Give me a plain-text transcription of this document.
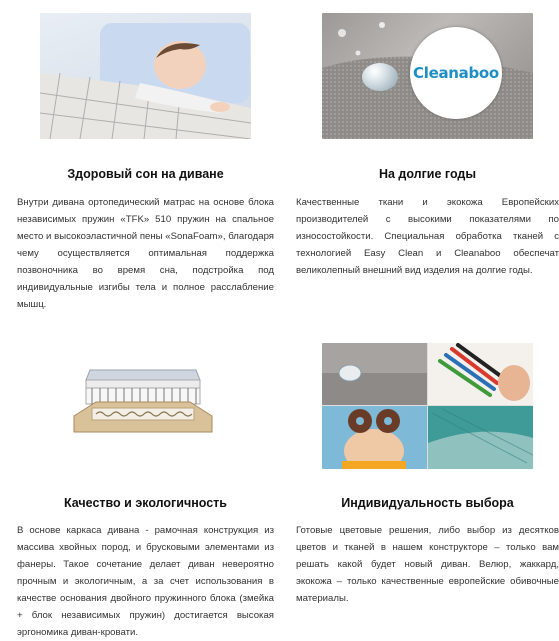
Здоровый сон на диване
Внутри дивана ортопедический матрас на основе блока независимых пружин «TFK» 510 пружин на спальное место и высокоэластичной пены «SonaFoam», благодаря чему осуществляется оптимальная поддержка позвоночника во время сна, подстройка под индивидуальные изгибы тела и полное расслабление мышц.
Cleanaboo
На долгие годы
Качественные ткани и экокожа Европейских производителей с высокими показателями по износостойкости. Специальная обработка тканей с технологией Easy Clean и Cleanaboo обеспечат великолепный внешний вид изделия на долгие годы.
Качество и экологичность
В основе каркаса дивана - рамочная конструкция из массива хвойных пород, и брусковыми элементами из фанеры. Такое сочетание делает диван невероятно прочным и экологичным, а за счет использования в качестве основания двойного пружинного блока (змейка + блок независимых пружин) достигается высокая эргономика диван-кровати.
Индивидуальность выбора
Готовые цветовые решения, либо выбор из десятков цветов и тканей в нашем конструкторе – только вам решать какой будет новый диван. Велюр, жаккард, экокожа – только качественные европейские обивочные материалы.
